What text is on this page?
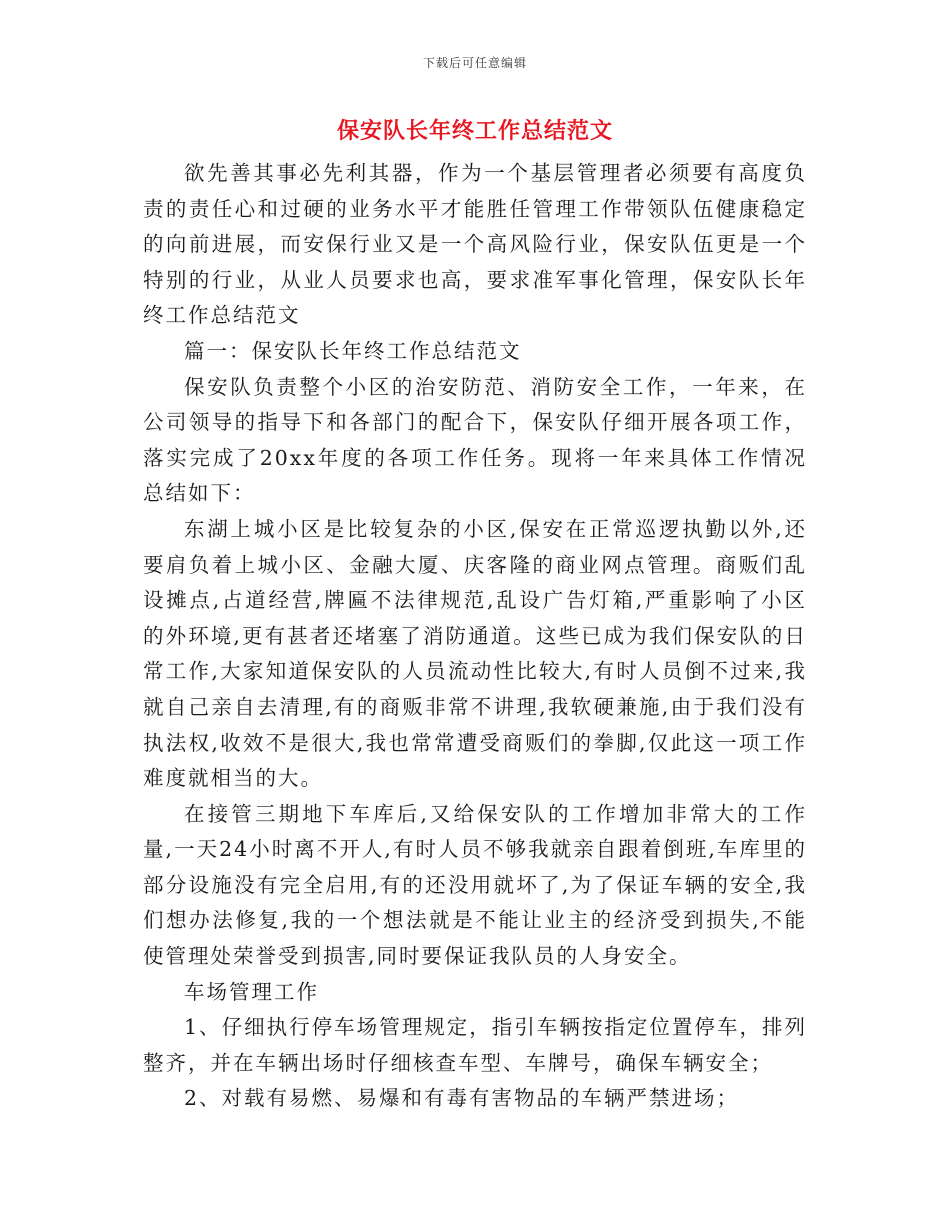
下载后可任意编辑
保安队长年终工作总结范文

欲先善其事必先利其器，作为一个基层管理者必须要有高度负责的责任心和过硬的业务水平才能胜任管理工作带领队伍健康稳定的向前进展，而安保行业又是一个高风险行业，保安队伍更是一个特别的行业，从业人员要求也高，要求准军事化管理，保安队长年终工作总结范文

篇一：保安队长年终工作总结范文

保安队负责整个小区的治安防范、消防安全工作，一年来，在公司领导的指导下和各部门的配合下，保安队仔细开展各项工作，落实完成了20xx年度的各项工作任务。现将一年来具体工作情况总结如下：

东湖上城小区是比较复杂的小区,保安在正常巡逻执勤以外,还要肩负着上城小区、金融大厦、庆客隆的商业网点管理。商贩们乱设摊点,占道经营,牌匾不法律规范,乱设广告灯箱,严重影响了小区的外环境,更有甚者还堵塞了消防通道。这些已成为我们保安队的日常工作,大家知道保安队的人员流动性比较大,有时人员倒不过来,我就自己亲自去清理,有的商贩非常不讲理,我软硬兼施,由于我们没有执法权,收效不是很大,我也常常遭受商贩们的拳脚,仅此这一项工作难度就相当的大。

在接管三期地下车库后,又给保安队的工作增加非常大的工作量,一天24小时离不开人,有时人员不够我就亲自跟着倒班,车库里的部分设施没有完全启用,有的还没用就坏了,为了保证车辆的安全,我们想办法修复,我的一个想法就是不能让业主的经济受到损失,不能使管理处荣誉受到损害,同时要保证我队员的人身安全。

车场管理工作

1、仔细执行停车场管理规定，指引车辆按指定位置停车，排列整齐，并在车辆出场时仔细核查车型、车牌号，确保车辆安全；

2、对载有易燃、易爆和有毒有害物品的车辆严禁进场；
